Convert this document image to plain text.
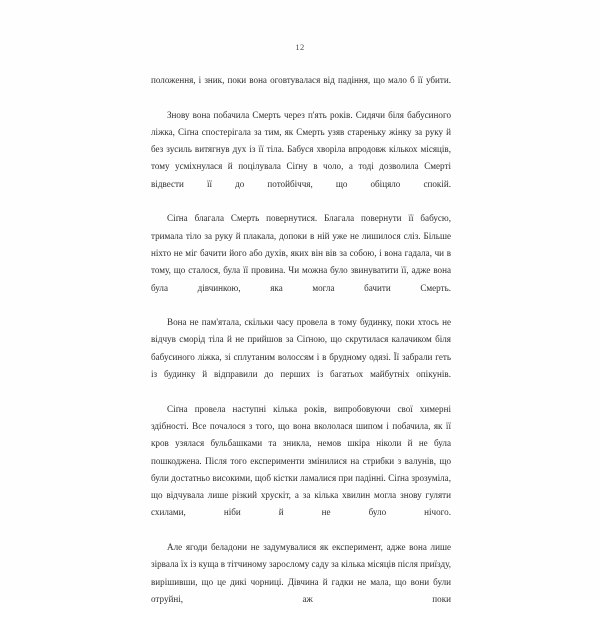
12

положення, і зник, поки вона оговтувалася від падіння, що мало б її убити.

Знову вона побачила Смерть через п'ять років. Сидячи біля бабусиного ліжка, Сіґна спостерігала за тим, як Смерть узяв стареньку жінку за руку й без зусиль витягнув дух із її тіла. Бабуся хворіла впродовж кількох місяців, тому усміхнулася й поцілувала Сіґну в чоло, а тоді дозволила Смерті відвести її до потойбіччя, що обіцяло спокій.

Сіґна благала Смерть повернутися. Благала повернути її бабусю, тримала тіло за руку й плакала, допоки в ній уже не лишилося сліз. Більше ніхто не міг бачити його або духів, яких він вів за собою, і вона гадала, чи в тому, що сталося, була її провина. Чи можна було звинуватити її, адже вона була дівчинкою, яка могла бачити Смерть.

Вона не пам'ятала, скільки часу провела в тому будинку, поки хтось не відчув сморід тіла й не прийшов за Сіґною, що скрутилася калачиком біля бабусиного ліжка, зі сплутаним волоссям і в брудному одязі. Її забрали геть із будинку й відправили до перших із багатьох майбутніх опікунів.

Сіґна провела наступні кілька років, випробовуючи свої химерні здібності. Все почалося з того, що вона вкололася шипом і побачила, як її кров узялася бульбашками та зникла, немов шкіра ніколи й не була пошкоджена. Після того експерименти змінилися на стрибки з валунів, що були достатньо високими, щоб кістки ламалися при падінні. Сіґна зрозуміла, що відчувала лише різкий хрускіт, а за кілька хвилин могла знову гуляти схилами, ніби й не було нічого.

Але ягоди беладони не задумувалися як експеримент, адже вона лише зірвала їх із куща в тітчиному зарослому саду за кілька місяців після приїзду, вирішивши, що це дикі чорниці. Дівчина й гадки не мала, що вони були отруйні, аж поки
